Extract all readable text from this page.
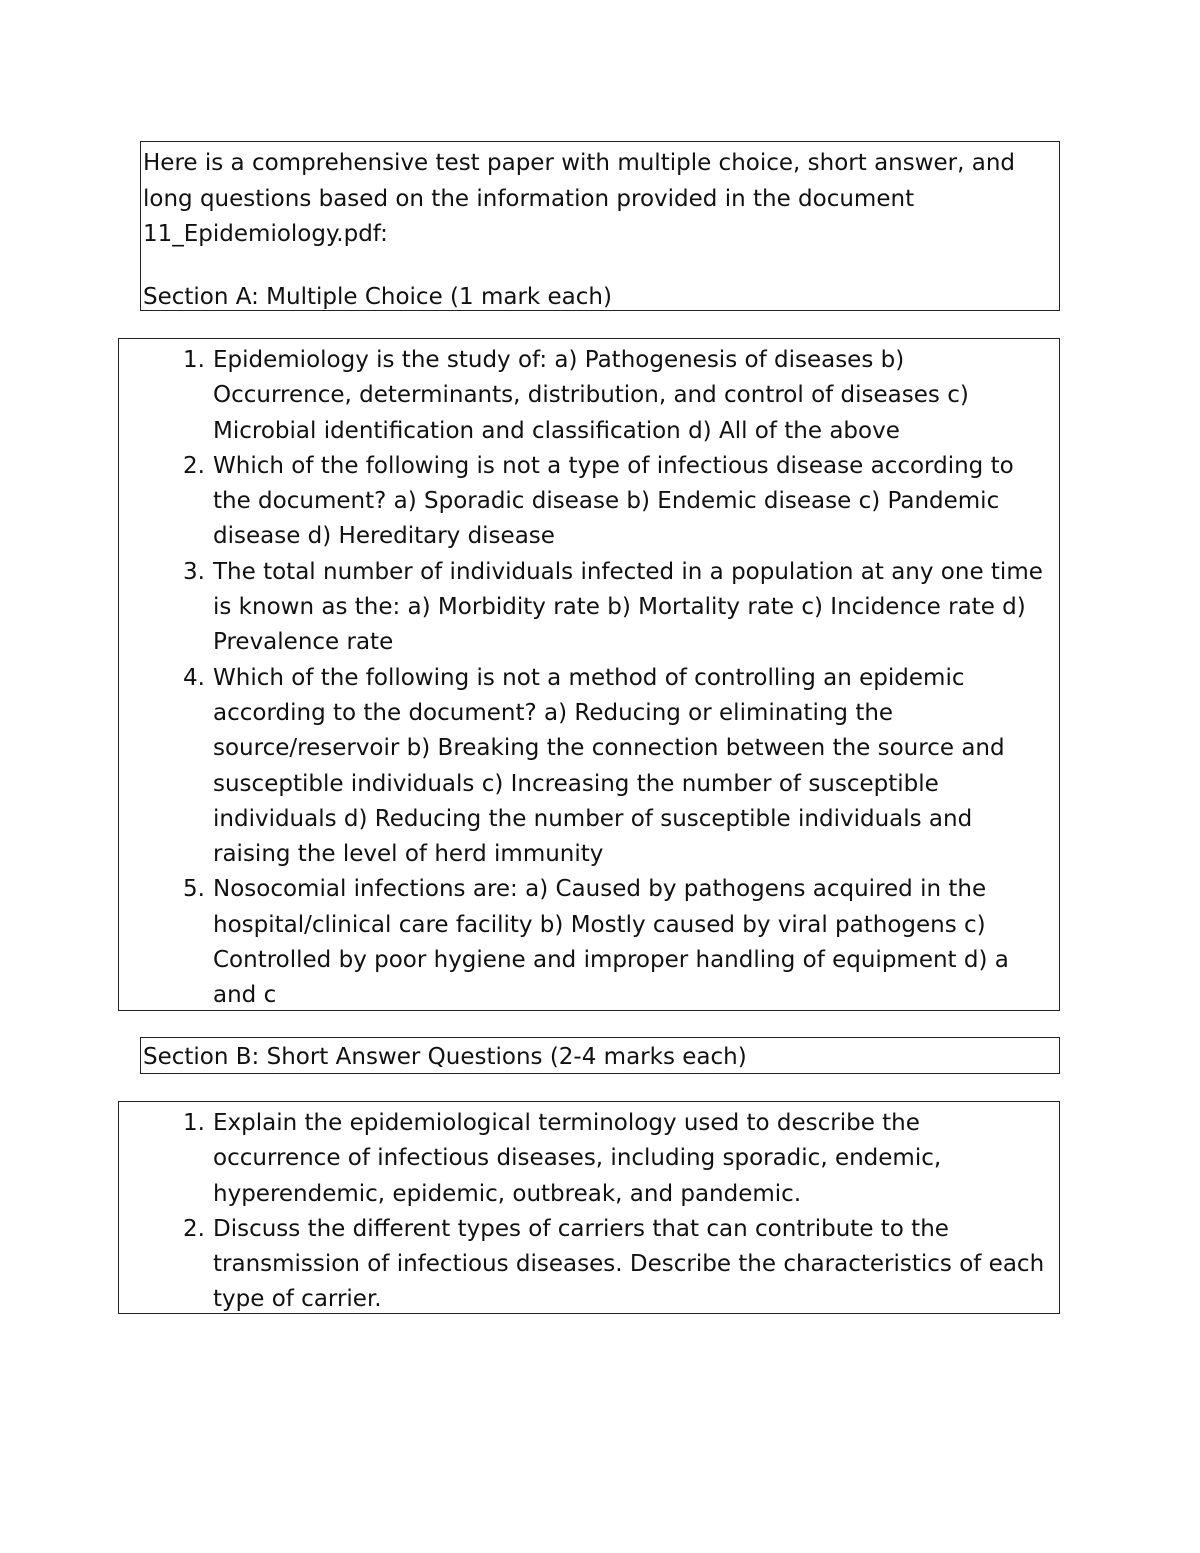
Here is a comprehensive test paper with multiple choice, short answer, and long questions based on the information provided in the document 11_Epidemiology.pdf:

Section A: Multiple Choice (1 mark each)

1. Epidemiology is the study of: a) Pathogenesis of diseases b) Occurrence, determinants, distribution, and control of diseases c) Microbial identification and classification d) All of the above
2. Which of the following is not a type of infectious disease according to the document? a) Sporadic disease b) Endemic disease c) Pandemic disease d) Hereditary disease
3. The total number of individuals infected in a population at any one time is known as the: a) Morbidity rate b) Mortality rate c) Incidence rate d) Prevalence rate
4. Which of the following is not a method of controlling an epidemic according to the document? a) Reducing or eliminating the source/reservoir b) Breaking the connection between the source and susceptible individuals c) Increasing the number of susceptible individuals d) Reducing the number of susceptible individuals and raising the level of herd immunity
5. Nosocomial infections are: a) Caused by pathogens acquired in the hospital/clinical care facility b) Mostly caused by viral pathogens c) Controlled by poor hygiene and improper handling of equipment d) a and c

Section B: Short Answer Questions (2-4 marks each)

1. Explain the epidemiological terminology used to describe the occurrence of infectious diseases, including sporadic, endemic, hyperendemic, epidemic, outbreak, and pandemic.
2. Discuss the different types of carriers that can contribute to the transmission of infectious diseases. Describe the characteristics of each type of carrier.
